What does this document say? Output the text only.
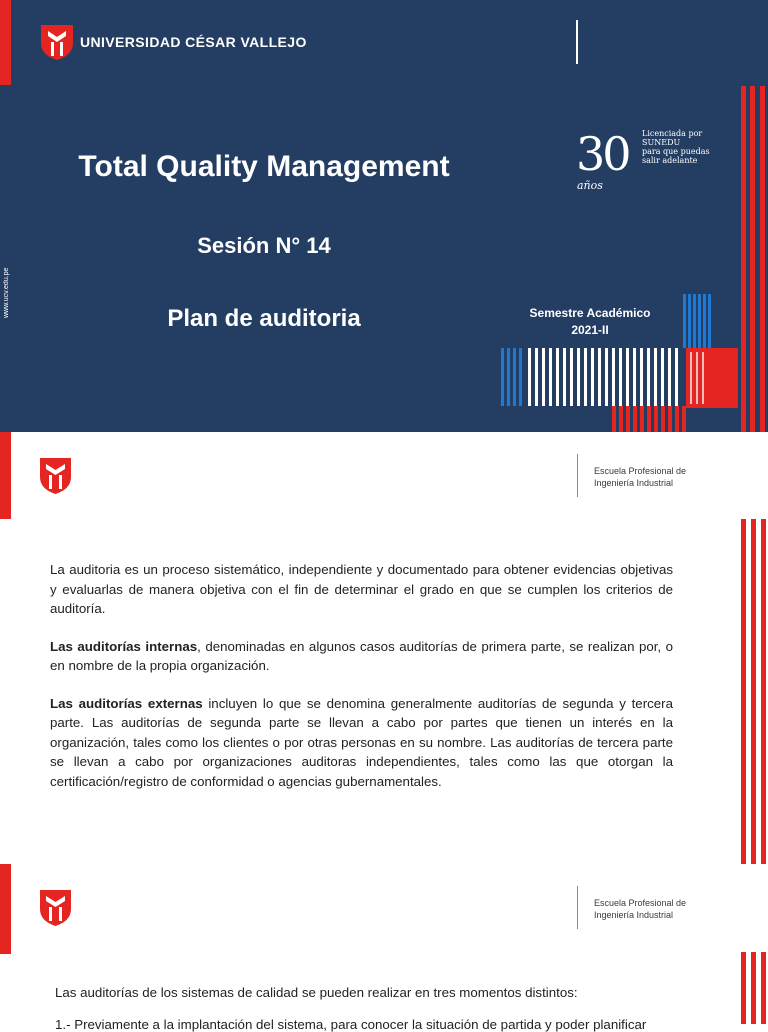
UNIVERSIDAD CÉSAR VALLEJO
Total Quality Management
Sesión N° 14
Plan de auditoria
www.ucv.edu.pe
30
años
Licenciada por
SUNEDU
para que puedas
salir adelante
Semestre Académico
2021-II
Escuela Profesional de
Ingeniería Industrial

La auditoria es un proceso sistemático, independiente y documentado para obtener evidencias objetivas y evaluarlas de manera objetiva con el fin de determinar el grado en que se cumplen los criterios de auditoría.

Las auditorías internas, denominadas en algunos casos auditorías de primera parte, se realizan por, o en nombre de la propia organización.

Las auditorías externas incluyen lo que se denomina generalmente auditorías de segunda y tercera parte. Las auditorías de segunda parte se llevan a cabo por partes que tienen un interés en la organización, tales como los clientes o por otras personas en su nombre. Las auditorías de tercera parte se llevan a cabo por organizaciones auditoras independientes, tales como las que otorgan la certificación/registro de conformidad o agencias gubernamentales.

Escuela Profesional de
Ingeniería Industrial
Las auditorías de los sistemas de calidad se pueden realizar en tres momentos distintos:
1.- Previamente a la implantación del sistema, para conocer la situación de partida y poder planificar
